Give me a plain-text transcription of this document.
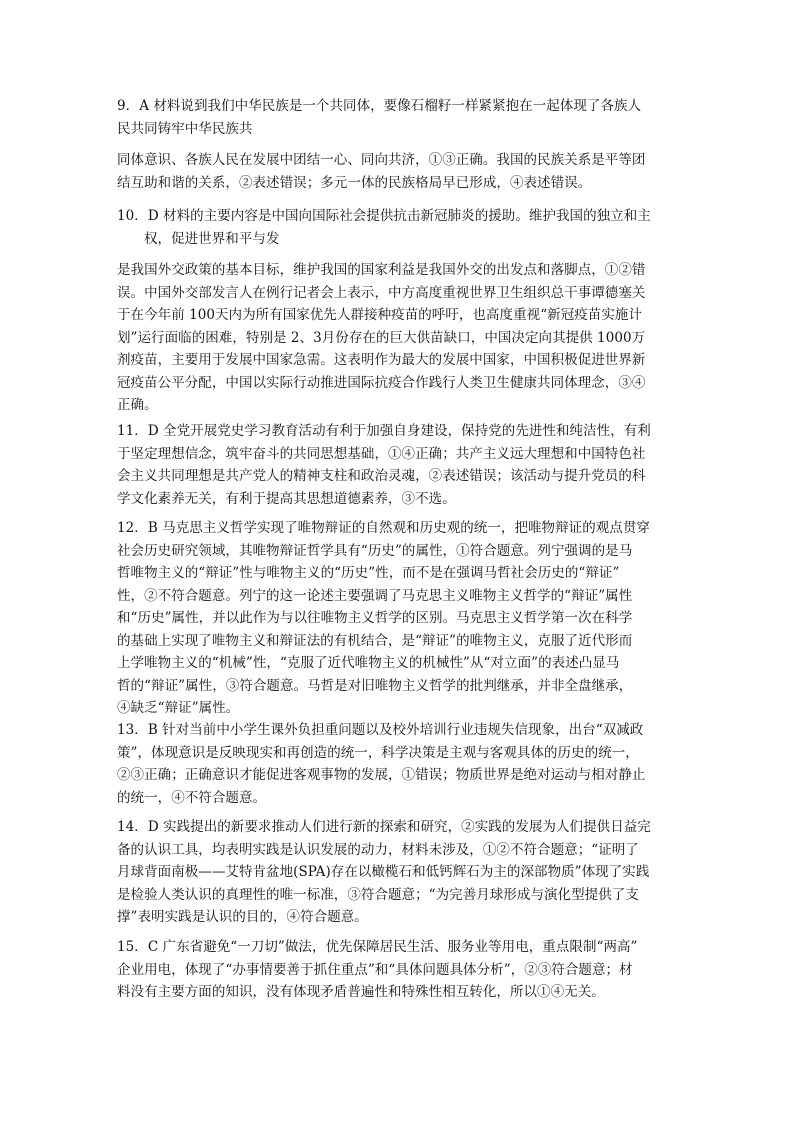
9．A 材料说到我们中华民族是一个共同体，要像石榴籽一样紧紧抱在一起体现了各族人
民共同铸牢中华民族共
同体意识、各族人民在发展中团结一心、同向共济，①③正确。我国的民族关系是平等团
结互助和谐的关系，②表述错误；多元一体的民族格局早已形成，④表述错误。
10．D 材料的主要内容是中国向国际社会提供抗击新冠肺炎的援助。维护我国的独立和主
权，促进世界和平与发
是我国外交政策的基本目标，维护我国的国家利益是我国外交的出发点和落脚点，①②错
误。中国外交部发言人在例行记者会上表示，中方高度重视世界卫生组织总干事谭德塞关
于在今年前 100天内为所有国家优先人群接种疫苗的呼吁，也高度重视“新冠疫苗实施计
划”运行面临的困难，特别是 2、3月份存在的巨大供苗缺口，中国决定向其提供 1000万
剂疫苗，主要用于发展中国家急需。这表明作为最大的发展中国家，中国积极促进世界新
冠疫苗公平分配，中国以实际行动推进国际抗疫合作践行人类卫生健康共同体理念，③④
正确。
11．D 全党开展党史学习教育活动有利于加强自身建设，保持党的先进性和纯洁性，有利
于坚定理想信念，筑牢奋斗的共同思想基础，①④正确；共产主义远大理想和中国特色社
会主义共同理想是共产党人的精神支柱和政治灵魂，②表述错误；该活动与提升党员的科
学文化素养无关，有利于提高其思想道德素养，③不选。
12．B 马克思主义哲学实现了唯物辩证的自然观和历史观的统一，把唯物辩证的观点贯穿
社会历史研究领域，其唯物辩证哲学具有“历史”的属性，①符合题意。列宁强调的是马
哲唯物主义的“辩证”性与唯物主义的“历史”性，而不是在强调马哲社会历史的“辩证”
性，②不符合题意。列宁的这一论述主要强调了马克思主义唯物主义哲学的“辩证”属性
和“历史”属性，并以此作为与以往唯物主义哲学的区别。马克思主义哲学第一次在科学
的基础上实现了唯物主义和辩证法的有机结合，是“辩证”的唯物主义，克服了近代形而
上学唯物主义的“机械”性，“克服了近代唯物主义的机械性”从“对立面”的表述凸显马
哲的“辩证”属性，③符合题意。马哲是对旧唯物主义哲学的批判继承，并非全盘继承，
④缺乏“辩证”属性。
13．B 针对当前中小学生课外负担重问题以及校外培训行业违规失信现象，出台“双减政
策”，体现意识是反映现实和再创造的统一，科学决策是主观与客观具体的历史的统一，
②③正确；正确意识才能促进客观事物的发展，①错误；物质世界是绝对运动与相对静止
的统一，④不符合题意。
14．D 实践提出的新要求推动人们进行新的探索和研究，②实践的发展为人们提供日益完
备的认识工具，均表明实践是认识发展的动力，材料未涉及，①②不符合题意；“证明了
月球背面南极——艾特肯盆地(SPA)存在以橄榄石和低钙辉石为主的深部物质”体现了实践
是检验人类认识的真理性的唯一标准，③符合题意；“为完善月球形成与演化型提供了支
撑”表明实践是认识的目的，④符合题意。
15．C 广东省避免“一刀切”做法，优先保障居民生活、服务业等用电，重点限制“两高”
企业用电，体现了“办事情要善于抓住重点”和“具体问题具体分析”，②③符合题意；材
料没有主要方面的知识，没有体现矛盾普遍性和特殊性相互转化，所以①④无关。
